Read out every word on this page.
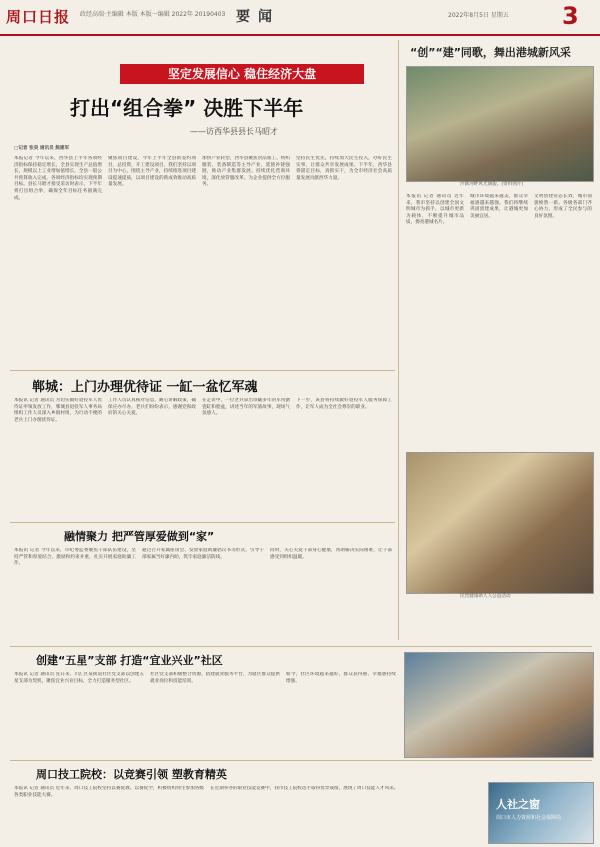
周口日报 政经高端·主编辑 本版 本版一编辑 2022年 20190403 要闻	2022年8月5日 星期五 3
坚定发展信心 稳住经济大盘
打出“组合拳” 决胜下半年
——访西华县县长马昭才
□记者 张昊 通讯员 熊建军
本报记者 今年以来，西华县上半年各项经济指标保持稳定增长，全县实现生产总值增长，规模以上工业增加值增长，全县一般公共预算收入完成，各项经济指标均实现预期目标。县长马昭才接受采访时表示，下半年将打出组合拳，确保全年目标任务圆满完成。
聚焦项目建设，今年上半年全县新签约项目，总投资，开工建设项目。我们坚持以项目为中心，围绕主导产业，持续推进项目建设提速提质，以项目建设的新成效推动高质量发展。
加快产业转型，西华县聚焦食品加工、纺织服装、装备制造等主导产业，延链补链强链，推动产业集群发展。持续优化营商环境，深化放管服改革，为企业提供全方位服务。
坚持民生优先，持续加大民生投入，办好民生实事，让群众共享发展成果。下半年，西华县将锚定目标，真抓实干，为全市经济社会高质量发展贡献西华力量。
“创”“建”同歌，舞出港城新风采
沙颍河畔风光旖旎。(资料图片)
本报讯 记者 通讯员 近年来，我市坚持以创建全国文明城市为抓手，以城市更新为载体，不断提升城市品质，擦亮港城名片。
城市环境越来越美，群众幸福感越来越强。我们将继续巩固创建成果，让港城更加美丽宜居。
文明创建常态长效，城市面貌焕然一新。各级各部门齐心协力，形成了全民参与的良好氛围。
郸城：上门办理优待证 一缸一盆忆军魂
本报讯 记者 通讯员 为切实做好退役军人优待证申领发放工作，郸城县退役军人事务局组织工作人员深入乡镇村组，为行动不便的老兵上门办理优待证。
工作人员认真核对信息，耐心讲解政策，确保应办尽办。老兵们纷纷表示，感谢党和政府的关心关爱。
在走访中，一位老兵拿出珍藏多年的军用搪瓷缸和脸盆，讲述当年的军旅故事，现场气氛感人。
下一步，该县将持续做好退役军人服务保障工作，让军人成为全社会尊崇的职业。
融情聚力 把严管厚爱做到“家”
本报讯 记者 今年以来，市纪委监委聚焦干部队伍建设，坚持严管和厚爱结合、激励和约束并重，扎实开展家庭助廉工作。
通过召开家属座谈会、发放家庭助廉倡议书等形式，引导干部家属当好廉内助，筑牢家庭廉洁防线。
同时，关心关爱干部身心健康，帮助解决实际困难，让干部感受到组织温暖。
民营健康助人人公益活动
创建“五星”支部 打造“宜业兴业”社区
本报讯 记者 通讯员 连日来，川汇区某街道社区党支部以创建五星支部为契机，聚焦宜业兴业目标，全力打造服务型社区。
社区党支部积极整合资源，搭建就业服务平台，为辖区群众提供就业岗位和技能培训。
如今，社区环境越来越好，群众获得感、幸福感持续增强。
周口技工院校：以竞赛引领 塑教育精英
本报讯 记者 通讯员 近年来，周口技工院校坚持以赛促教、以赛促学，积极组织师生参加各级各类职业技能大赛。
在近期举办的职业技能竞赛中，我市技工院校选手取得优异成绩，展现了周口技能人才风采。
人社之窗
周口市人力资源和社会保障局
